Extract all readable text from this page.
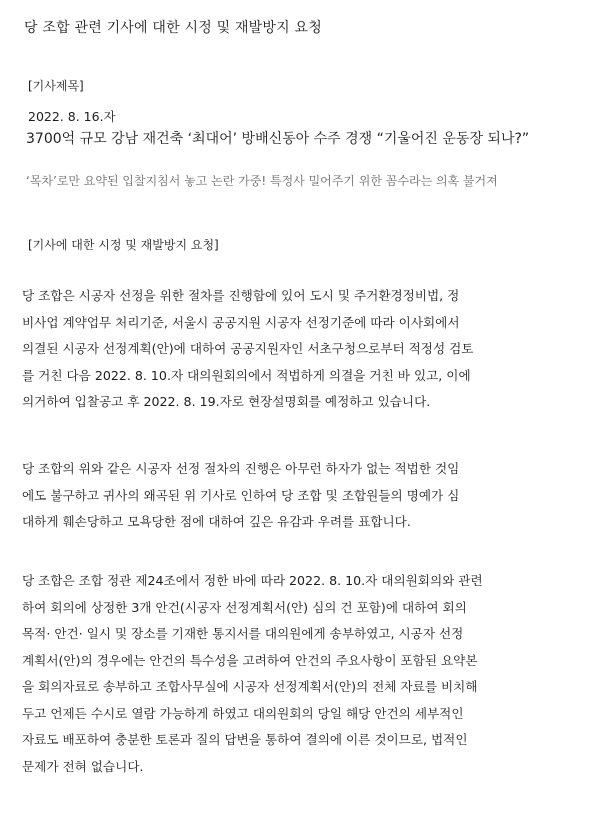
당 조합 관련 기사에 대한 시정 및 재발방지 요청
[기사제목]
2022. 8. 16.자
3700억 규모 강남 재건축 ‘최대어’ 방배신동아 수주 경쟁 “기울어진 운동장 되나?”
‘목차’로만 요약된 입찰지침서 놓고 논란 가중! 특정사 밀어주기 위한 꼼수라는 의혹 불거져
[기사에 대한 시정 및 재발방지 요청]
당 조합은 시공자 선정을 위한 절차를 진행함에 있어 도시 및 주거환경정비법, 정
비사업 계약업무 처리기준, 서울시 공공지원 시공자 선정기준에 따라 이사회에서
의결된 시공자 선정계획(안)에 대하여 공공지원자인 서초구청으로부터 적정성 검토
를 거친 다음 2022. 8. 10.자 대의원회의에서 적법하게 의결을 거친 바 있고, 이에
의거하여 입찰공고 후 2022. 8. 19.자로 현장설명회를 예정하고 있습니다.
당 조합의 위와 같은 시공자 선정 절차의 진행은 아무런 하자가 없는 적법한 것임
에도 불구하고 귀사의 왜곡된 위 기사로 인하여 당 조합 및 조합원들의 명예가 심
대하게 훼손당하고 모욕당한 점에 대하여 깊은 유감과 우려를 표합니다.
당 조합은 조합 정관 제24조에서 정한 바에 따라 2022. 8. 10.자 대의원회의와 관련
하여 회의에 상정한 3개 안건(시공자 선정계획서(안) 심의 건 포함)에 대하여 회의
목적· 안건· 일시 및 장소를 기재한 통지서를 대의원에게 송부하였고, 시공자 선정
계획서(안)의 경우에는 안건의 특수성을 고려하여 안건의 주요사항이 포함된 요약본
을 회의자료로 송부하고 조합사무실에 시공자 선정계획서(안)의 전체 자료를 비치해
두고 언제든 수시로 열람 가능하게 하였고 대의원회의 당일 해당 안건의 세부적인
자료도 배포하여 충분한 토론과 질의 답변을 통하여 결의에 이른 것이므로, 법적인
문제가 전혀 없습니다.
